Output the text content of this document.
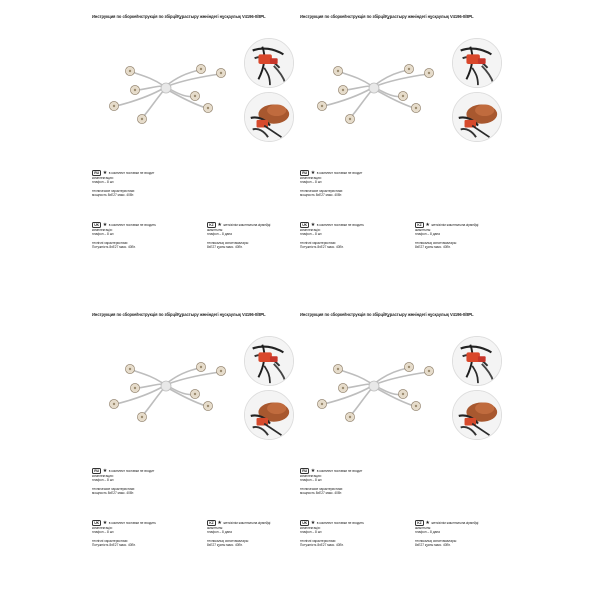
Инструкция по сборке/Інструкція по збірці/Құрастыру жөніндегі нұсқаулық V4196-0/8PL
RU ★ в комплект поставки не входит
комплектация:
плафон – 8 шт.
технические характеристики:
мощность 8xE27 макс. 40Вт.
UK ★ в комплект поставки не входить
комплектація:
плафон – 8 шт.
технічні характеристики:
Потужність 8xE27 макс. 40Вт.
KZ ★ жеткізілім жиынтығына кірмейді
жиынтығы:
плафон – 8 дана
техникалық сипаттамалары:
8xE27 қуаты макс. 40Вт.
Инструкция по сборке/Інструкція по збірці/Құрастыру жөніндегі нұсқаулық V4196-0/8PL
RU ★ в комплект поставки не входит
комплектация:
плафон – 8 шт.
технические характеристики:
мощность 8xE27 макс. 40Вт.
UK ★ в комплект поставки не входить
комплектація:
плафон – 8 шт.
технічні характеристики:
Потужність 8xE27 макс. 40Вт.
KZ ★ жеткізілім жиынтығына кірмейді
жиынтығы:
плафон – 8 дана
техникалық сипаттамалары:
8xE27 қуаты макс. 40Вт.
Инструкция по сборке/Інструкція по збірці/Құрастыру жөніндегі нұсқаулық V4196-0/8PL
RU ★ в комплект поставки не входит
комплектация:
плафон – 8 шт.
технические характеристики:
мощность 8xE27 макс. 40Вт.
UK ★ в комплект поставки не входить
комплектація:
плафон – 8 шт.
технічні характеристики:
Потужність 8xE27 макс. 40Вт.
KZ ★ жеткізілім жиынтығына кірмейді
жиынтығы:
плафон – 8 дана
техникалық сипаттамалары:
8xE27 қуаты макс. 40Вт.
Инструкция по сборке/Інструкція по збірці/Құрастыру жөніндегі нұсқаулық V4196-0/8PL
RU ★ в комплект поставки не входит
комплектация:
плафон – 8 шт.
технические характеристики:
мощность 8xE27 макс. 40Вт.
UK ★ в комплект поставки не входить
комплектація:
плафон – 8 шт.
технічні характеристики:
Потужність 8xE27 макс. 40Вт.
KZ ★ жеткізілім жиынтығына кірмейді
жиынтығы:
плафон – 8 дана
техникалық сипаттамалары:
8xE27 қуаты макс. 40Вт.
